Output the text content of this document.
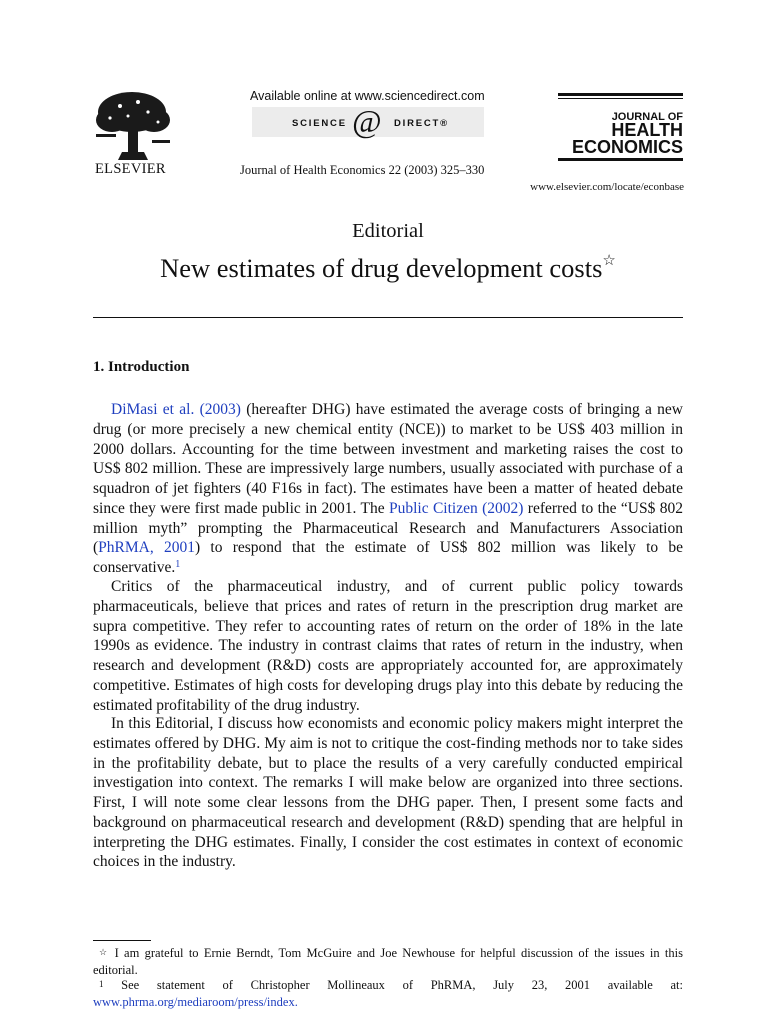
ELSEVIER
Available online at www.sciencedirect.com
SCIENCE @ DIRECT®
Journal of Health Economics 22 (2003) 325–330
JOURNAL OF
HEALTH
ECONOMICS
www.elsevier.com/locate/econbase
Editorial
New estimates of drug development costs☆
1. Introduction

DiMasi et al. (2003) (hereafter DHG) have estimated the average costs of bringing a new drug (or more precisely a new chemical entity (NCE)) to market to be US$ 403 million in 2000 dollars. Accounting for the time between investment and marketing raises the cost to US$ 802 million. These are impressively large numbers, usually associated with purchase of a squadron of jet fighters (40 F16s in fact). The estimates have been a matter of heated debate since they were first made public in 2001. The Public Citizen (2002) referred to the “US$ 802 million myth” prompting the Pharmaceutical Research and Manufacturers Association (PhRMA, 2001) to respond that the estimate of US$ 802 million was likely to be conservative.$^1$

Critics of the pharmaceutical industry, and of current public policy towards pharmaceuticals, believe that prices and rates of return in the prescription drug market are supra competitive. They refer to accounting rates of return on the order of 18% in the late 1990s as evidence. The industry in contrast claims that rates of return in the industry, when research and development (R&D) costs are appropriately accounted for, are approximately competitive. Estimates of high costs for developing drugs play into this debate by reducing the estimated profitability of the drug industry.

In this Editorial, I discuss how economists and economic policy makers might interpret the estimates offered by DHG. My aim is not to critique the cost-finding methods nor to take sides in the profitability debate, but to place the results of a very carefully conducted empirical investigation into context. The remarks I will make below are organized into three sections. First, I will note some clear lessons from the DHG paper. Then, I present some facts and background on pharmaceutical research and development (R&D) spending that are helpful in interpreting the DHG estimates. Finally, I consider the cost estimates in context of economic choices in the industry.

☆ I am grateful to Ernie Berndt, Tom McGuire and Joe Newhouse for helpful discussion of the issues in this editorial.

$^1$ See statement of Christopher Mollineaux of PhRMA, July 23, 2001 available at: www.phrma.org/mediaroom/press/index.
